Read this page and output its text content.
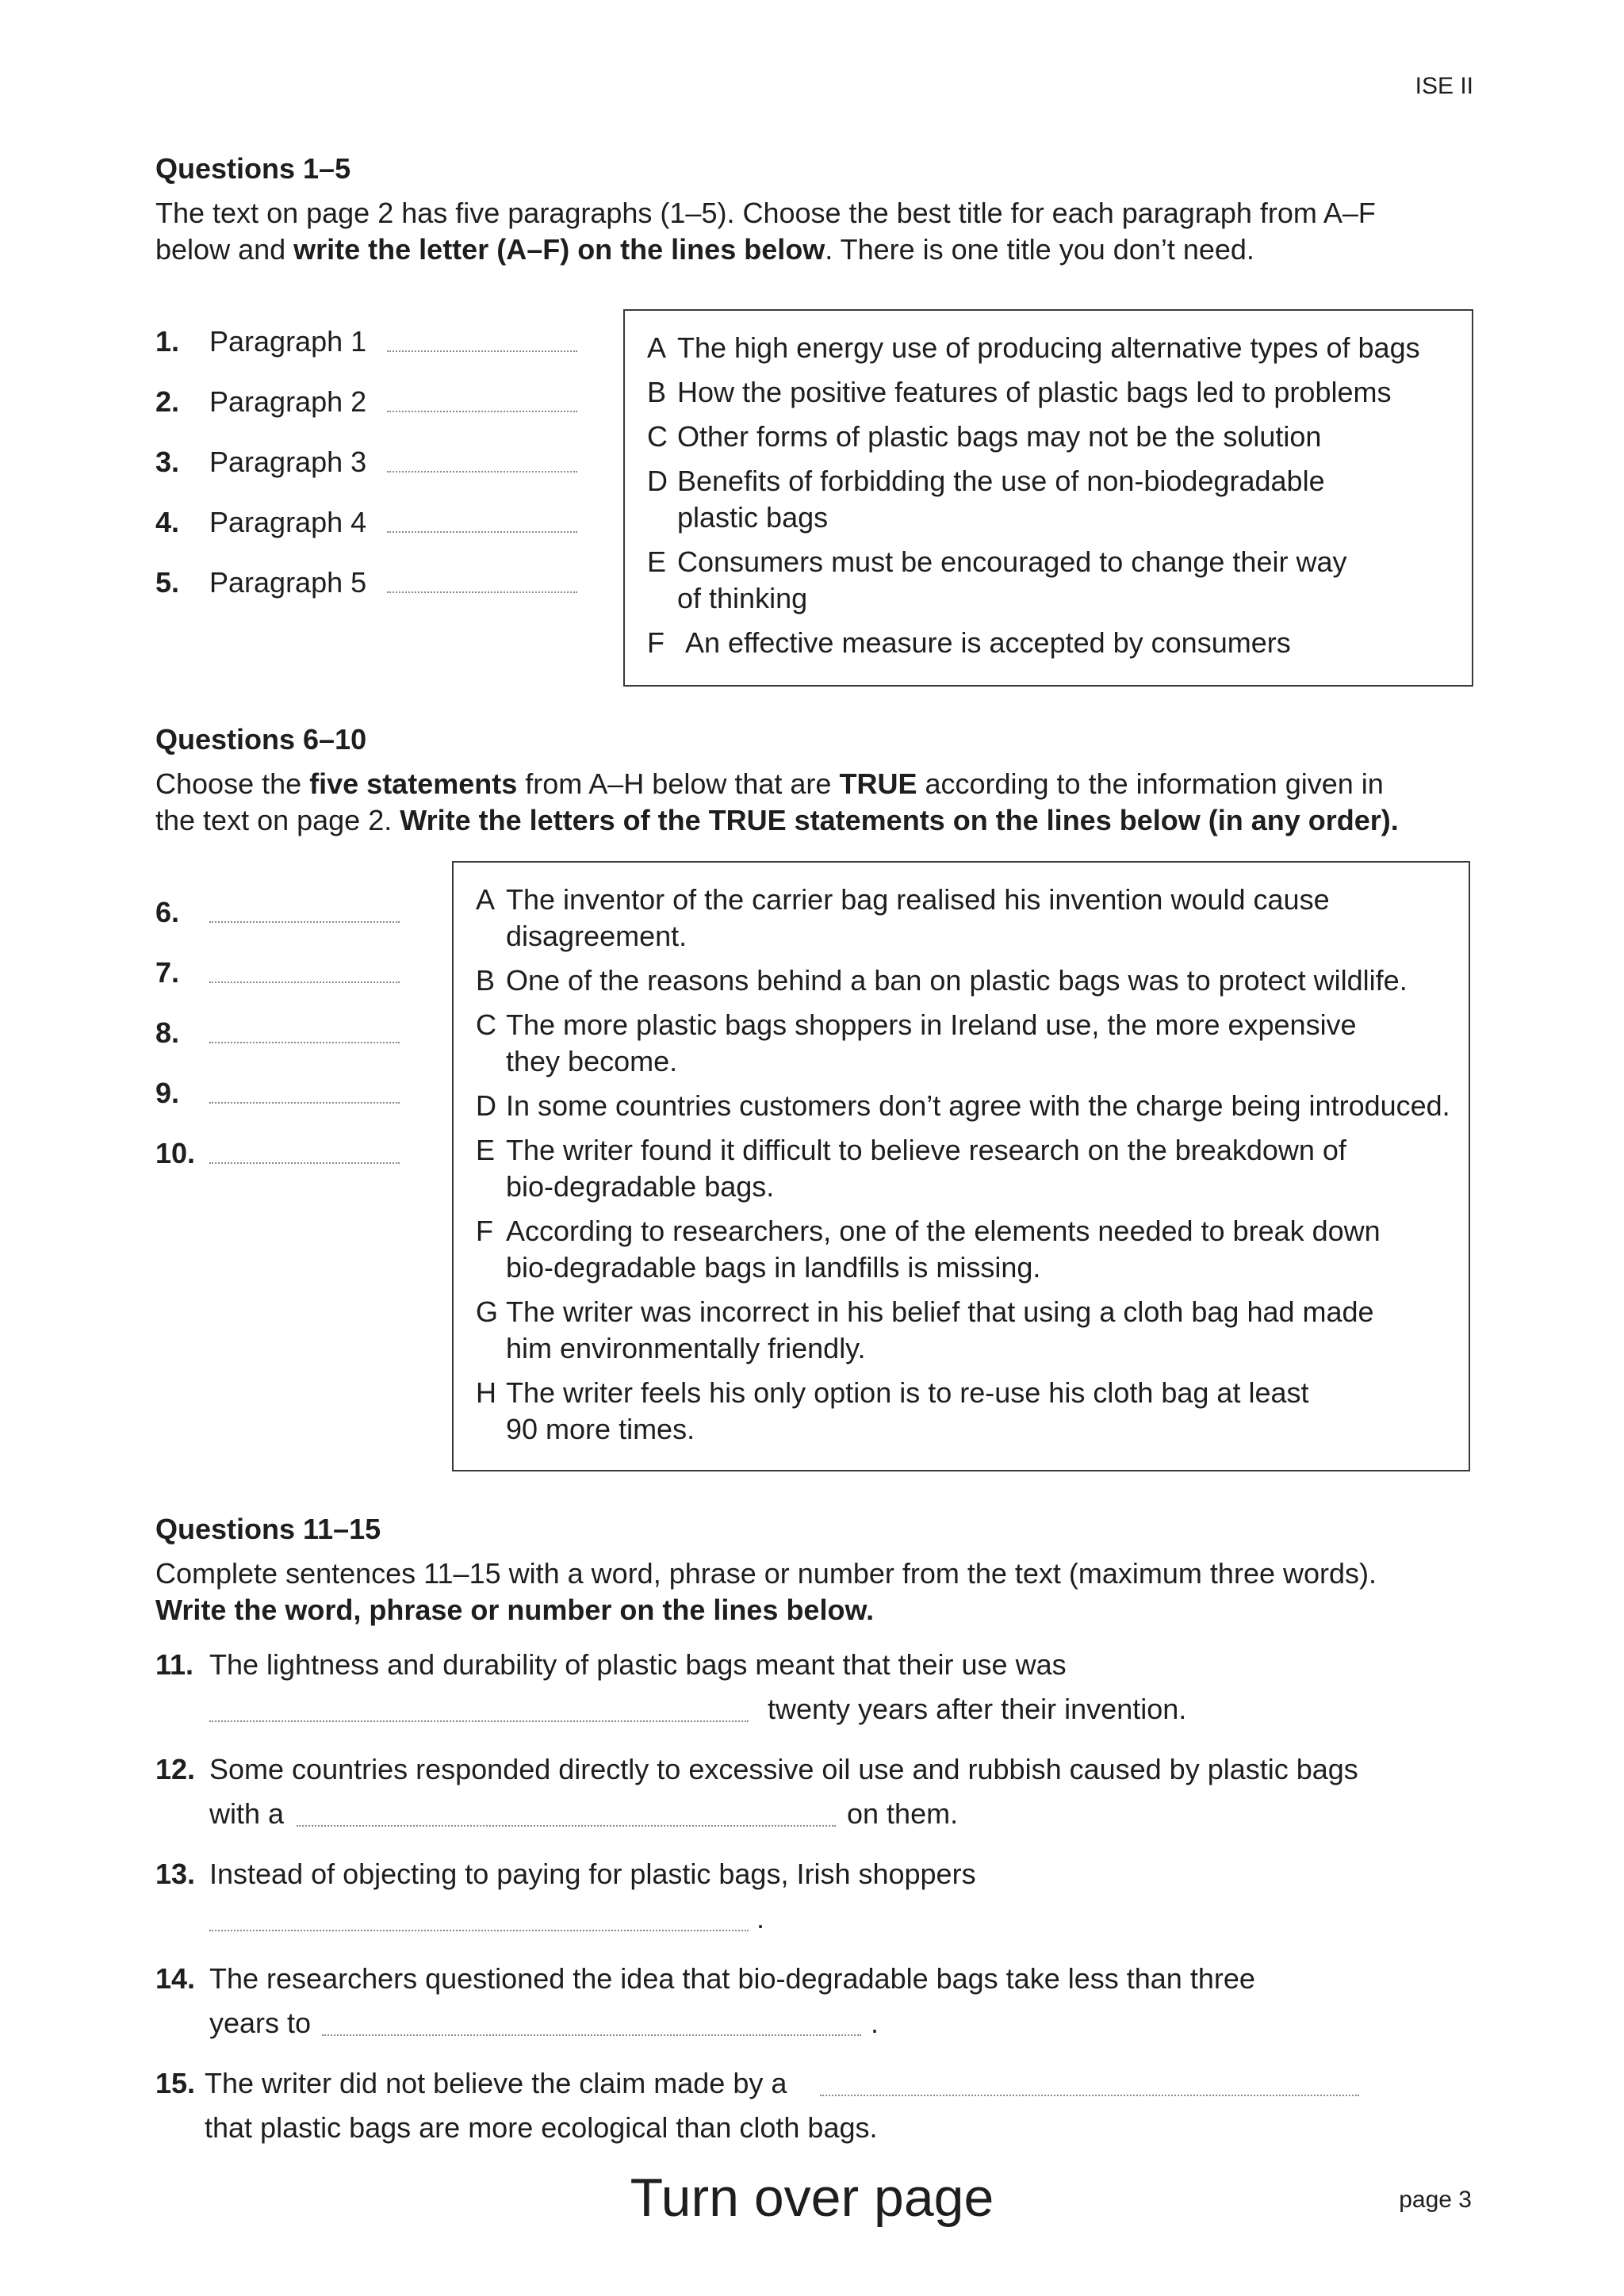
ISE II
Questions 1–5
The text on page 2 has five paragraphs (1–5). Choose the best title for each paragraph from A–F
below and write the letter (A–F) on the lines below. There is one title you don’t need.
1. Paragraph 1
2. Paragraph 2
3. Paragraph 3
4. Paragraph 4
5. Paragraph 5
A The high energy use of producing alternative types of bags
B How the positive features of plastic bags led to problems
C Other forms of plastic bags may not be the solution
D Benefits of forbidding the use of non-biodegradable
plastic bags
E Consumers must be encouraged to change their way
of thinking
F An effective measure is accepted by consumers
Questions 6–10
Choose the five statements from A–H below that are TRUE according to the information given in
the text on page 2. Write the letters of the TRUE statements on the lines below (in any order).
6.
7.
8.
9.
10.
A The inventor of the carrier bag realised his invention would cause
disagreement.
B One of the reasons behind a ban on plastic bags was to protect wildlife.
C The more plastic bags shoppers in Ireland use, the more expensive
they become.
D In some countries customers don’t agree with the charge being introduced.
E The writer found it difficult to believe research on the breakdown of
bio-degradable bags.
F According to researchers, one of the elements needed to break down
bio-degradable bags in landfills is missing.
G The writer was incorrect in his belief that using a cloth bag had made
him environmentally friendly.
H The writer feels his only option is to re-use his cloth bag at least
90 more times.
Questions 11–15
Complete sentences 11–15 with a word, phrase or number from the text (maximum three words).
Write the word, phrase or number on the lines below.
11. The lightness and durability of plastic bags meant that their use was
twenty years after their invention.
12. Some countries responded directly to excessive oil use and rubbish caused by plastic bags
with a	on them.
13. Instead of objecting to paying for plastic bags, Irish shoppers
.
14. The researchers questioned the idea that bio-degradable bags take less than three
years to	.
15. The writer did not believe the claim made by a
that plastic bags are more ecological than cloth bags.
Turn over page	page 3
